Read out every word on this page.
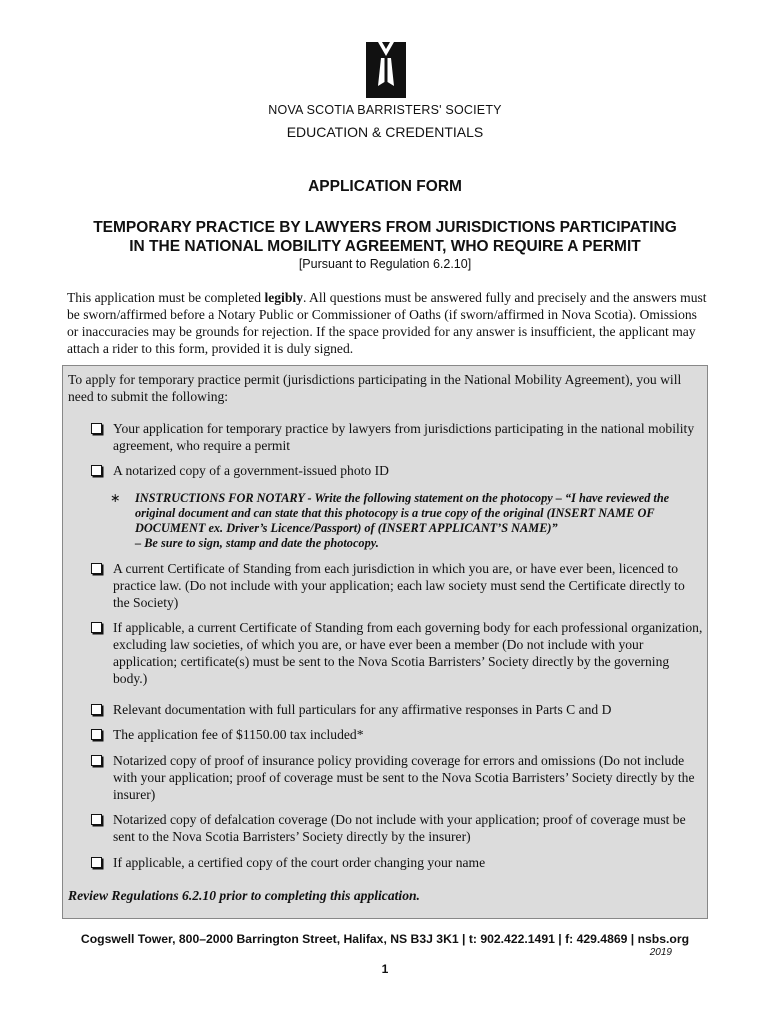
NOVA SCOTIA BARRISTERS' SOCIETY
EDUCATION & CREDENTIALS
APPLICATION FORM
TEMPORARY PRACTICE BY LAWYERS FROM JURISDICTIONS PARTICIPATING
IN THE NATIONAL MOBILITY AGREEMENT, WHO REQUIRE A PERMIT
[Pursuant to Regulation 6.2.10]
This application must be completed legibly. All questions must be answered fully and precisely and the answers must be sworn/affirmed before a Notary Public or Commissioner of Oaths (if sworn/affirmed in Nova Scotia). Omissions or inaccuracies may be grounds for rejection. If the space provided for any answer is insufficient, the applicant may attach a rider to this form, provided it is duly signed.
To apply for temporary practice permit (jurisdictions participating in the National Mobility Agreement), you will need to submit the following:
Your application for temporary practice by lawyers from jurisdictions participating in the national mobility agreement, who require a permit
A notarized copy of a government-issued photo ID
∗ INSTRUCTIONS FOR NOTARY - Write the following statement on the photocopy – “I have reviewed the original document and can state that this photocopy is a true copy of the original (INSERT NAME OF DOCUMENT ex. Driver’s Licence/Passport) of (INSERT APPLICANT’S NAME)”
– Be sure to sign, stamp and date the photocopy.
A current Certificate of Standing from each jurisdiction in which you are, or have ever been, licenced to practice law. (Do not include with your application; each law society must send the Certificate directly to the Society)
If applicable, a current Certificate of Standing from each governing body for each professional organization, excluding law societies, of which you are, or have ever been a member (Do not include with your application; certificate(s) must be sent to the Nova Scotia Barristers’ Society directly by the governing body.)
Relevant documentation with full particulars for any affirmative responses in Parts C and D
The application fee of $1150.00 tax included*
Notarized copy of proof of insurance policy providing coverage for errors and omissions (Do not include with your application; proof of coverage must be sent to the Nova Scotia Barristers’ Society directly by the insurer)
Notarized copy of defalcation coverage (Do not include with your application; proof of coverage must be sent to the Nova Scotia Barristers’ Society directly by the insurer)
If applicable, a certified copy of the court order changing your name
Review Regulations 6.2.10 prior to completing this application.
Cogswell Tower, 800–2000 Barrington Street, Halifax, NS B3J 3K1 | t: 902.422.1491 | f: 429.4869 | nsbs.org
2019
1
